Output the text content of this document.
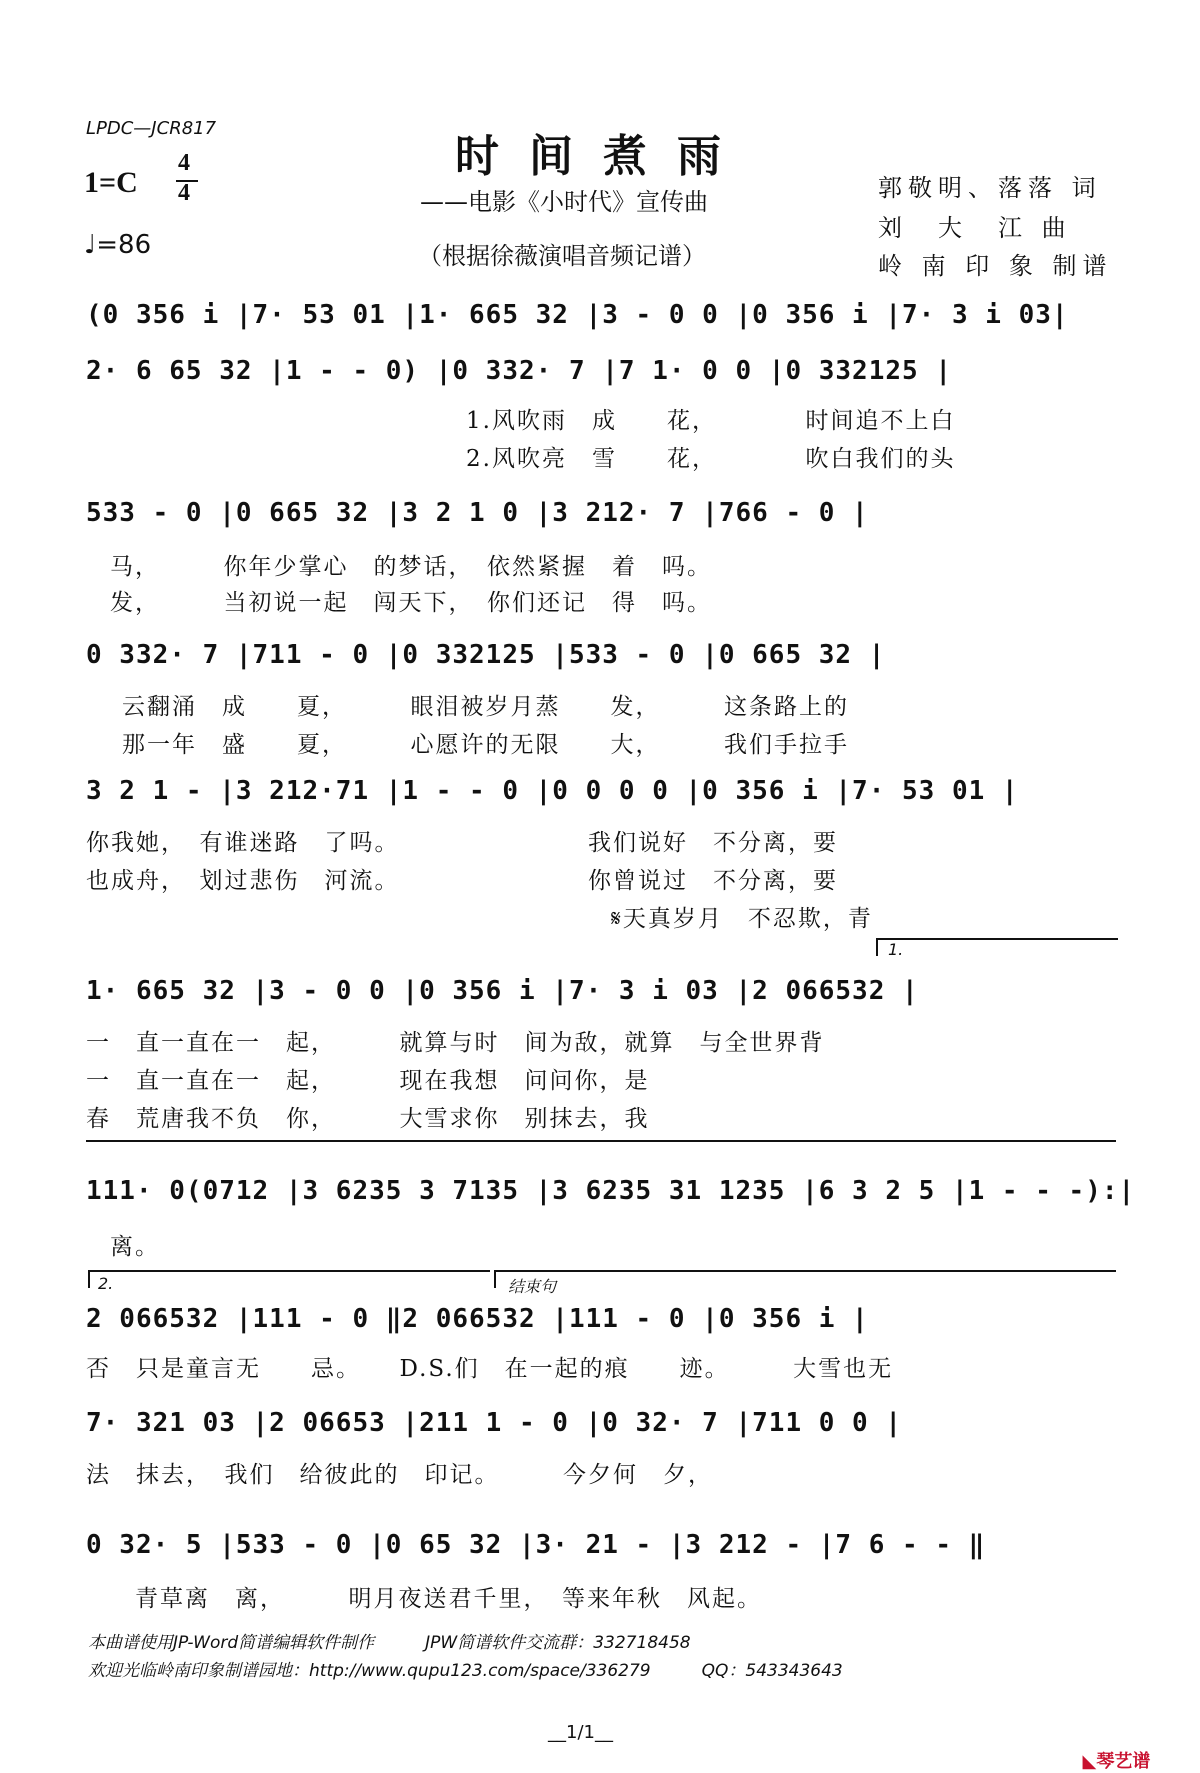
LPDC—JCR817
时间煮雨
——电影《小时代》宣传曲
（根据徐薇演唱音频记谱）
郭敬明、落落 词
刘　大　江 曲
岭 南 印 象 制谱
1=C
4
4
♩=86
(0 356 i |7· 53 01 |1· 665 32 |3 - 0 0 |0 356 i |7· 3 i 03|
2· 6 65 32 |1 - - 0) |0 332· 7 |7 1· 0 0 |0 332125 |
1.风吹雨　成　　花，　　　　时间追不上白
2.风吹亮　雪　　花，　　　　吹白我们的头
533 - 0 |0 665 32 |3 2 1 0 |3 212· 7 |766 - 0 |
马，　　　你年少掌心　的梦话，　依然紧握　着　吗。
发，　　　当初说一起　闯天下，　你们还记　得　吗。
0 332· 7 |711 - 0 |0 332125 |533 - 0 |0 665 32 |
云翻涌　成　　夏，　　　眼泪被岁月蒸　　发，　　　这条路上的
那一年　盛　　夏，　　　心愿许的无限　　大，　　　我们手拉手
3 2 1 - |3 212·71 |1 - - 0 |0 0 0 0 |0 356 i |7· 53 01 |
你我她，　有谁迷路　了吗。　　　　　　　　我们说好　不分离，要
也成舟，　划过悲伤　河流。　　　　　　　　你曾说过　不分离，要
　　　　　　　　　　　　　　　　　　　　　𝄋天真岁月　不忍欺，青
1.
1· 665 32 |3 - 0 0 |0 356 i |7· 3 i 03 |2 066532 |
一　直一直在一　起，　　　就算与时　间为敌，就算　与全世界背
一　直一直在一　起，　　　现在我想　问问你，是
春　荒唐我不负　你，　　　大雪求你　别抹去，我
111· 0(0712 |3 6235 3 7135 |3 6235 31 1235 |6 3 2 5 |1 - - -):|
离。
2.	结束句
2 066532 |111 - 0 ‖2 066532 |111 - 0 |0 356 i |
否　只是童言无　　忌。　　D.S.们　在一起的痕　　迹。　　　大雪也无
7· 321 03 |2 06653 |211 1 - 0 |0 32· 7 |711 0 0 |
法　抹去，　我们　给彼此的　印记。　　　今夕何　夕，
0 32· 5 |533 - 0 |0 65 32 |3· 21 - |3 212 - |7 6 - - ‖
　青草离　离，　　　明月夜送君千里，　等来年秋　风起。
本曲谱使用JP-Word简谱编辑软件制作　　　JPW简谱软件交流群：332718458
欢迎光临岭南印象制谱园地：http://www.qupu123.com/space/336279　　　QQ：543343643
__1/1__

◣琴艺谱
